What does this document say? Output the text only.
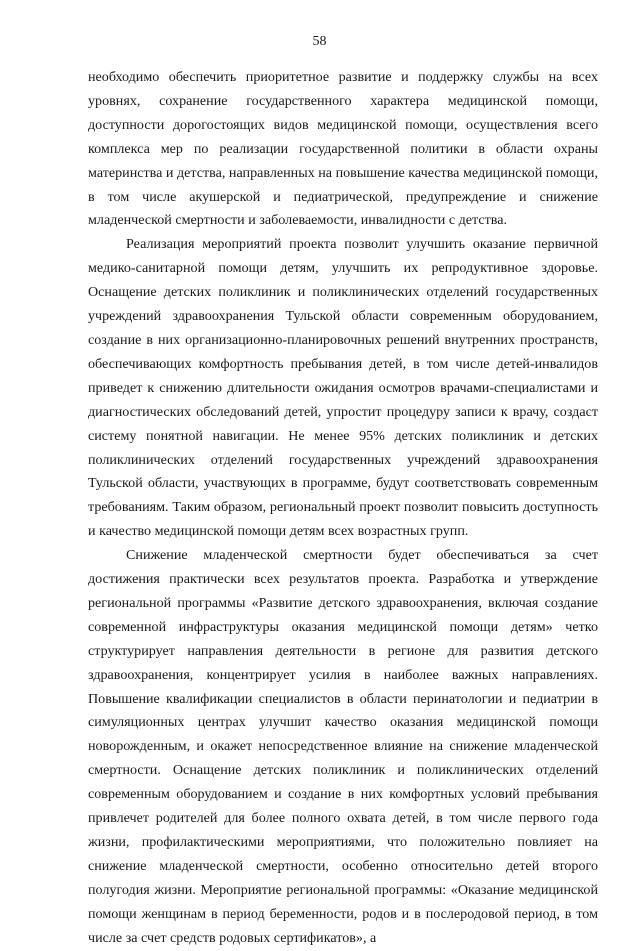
58

необходимо обеспечить приоритетное развитие и поддержку службы на всех уровнях, сохранение государственного характера медицинской помощи, доступности дорогостоящих видов медицинской помощи, осуществления всего комплекса мер по реализации государственной политики в области охраны материнства и детства, направленных на повышение качества медицинской помощи, в том числе акушерской и педиатрической, предупреждение и снижение младенческой смертности и заболеваемости, инвалидности с детства.

Реализация мероприятий проекта позволит улучшить оказание первичной медико-санитарной помощи детям, улучшить их репродуктивное здоровье. Оснащение детских поликлиник и поликлинических отделений государственных учреждений здравоохранения Тульской области современным оборудованием, создание в них организационно-планировочных решений внутренних пространств, обеспечивающих комфортность пребывания детей, в том числе детей-инвалидов приведет к снижению длительности ожидания осмотров врачами-специалистами и диагностических обследований детей, упростит процедуру записи к врачу, создаст систему понятной навигации. Не менее 95% детских поликлиник и детских поликлинических отделений государственных учреждений здравоохранения Тульской области, участвующих в программе, будут соответствовать современным требованиям. Таким образом, региональный проект позволит повысить доступность и качество медицинской помощи детям всех возрастных групп.

Снижение младенческой смертности будет обеспечиваться за счет достижения практически всех результатов проекта. Разработка и утверждение региональной программы «Развитие детского здравоохранения, включая создание современной инфраструктуры оказания медицинской помощи детям» четко структурирует направления деятельности в регионе для развития детского здравоохранения, концентрирует усилия в наиболее важных направлениях. Повышение квалификации специалистов в области перинатологии и педиатрии в симуляционных центрах улучшит качество оказания медицинской помощи новорожденным, и окажет непосредственное влияние на снижение младенческой смертности. Оснащение детских поликлиник и поликлинических отделений современным оборудованием и создание в них комфортных условий пребывания привлечет родителей для более полного охвата детей, в том числе первого года жизни, профилактическими мероприятиями, что положительно повлияет на снижение младенческой смертности, особенно относительно детей второго полугодия жизни. Мероприятие региональной программы: «Оказание медицинской помощи женщинам в период беременности, родов и в послеродовой период, в том числе за счет средств родовых сертификатов», а
